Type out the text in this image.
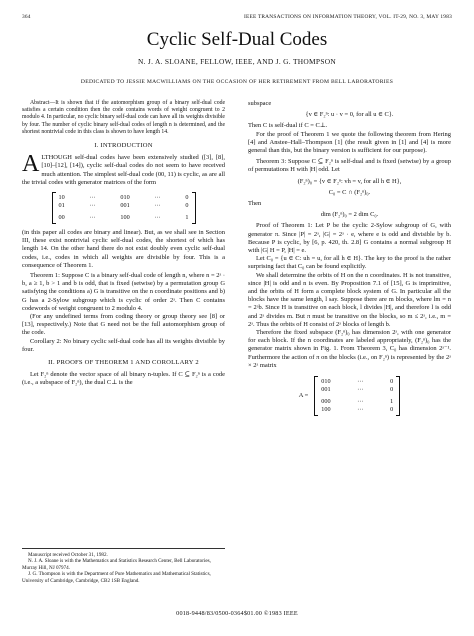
364	IEEE TRANSACTIONS ON INFORMATION THEORY, VOL. IT-29, NO. 3, MAY 1983
Cyclic Self-Dual Codes
N. J. A. SLOANE, FELLOW, IEEE, AND J. G. THOMPSON
DEDICATED TO JESSIE MACWILLIAMS ON THE OCCASION OF HER RETIREMENT FROM BELL LABORATORIES

Abstract—It is shown that if the automorphism group of a binary self-dual code satisfies a certain condition then the code contains words of weight congruent to 2 modulo 4. In particular, no cyclic binary self-dual code can have all its weights divisible by four. The number of cyclic binary self-dual codes of length n is determined, and the shortest nontrivial code in this class is shown to have length 14.

I. INTRODUCTION

ALTHOUGH self-dual codes have been extensively studied ([3], [8], [10]–[12], [14]), cyclic self-dual codes do not seem to have received much attention. The simplest self-dual code (00, 11) is cyclic, as are all the trivial codes with generator matrices of the form

10	···	010	···	0
01	···	001	···	0
00	···	100	···	1

(in this paper all codes are binary and linear). But, as we shall see in Section III, these exist nontrivial cyclic self-dual codes, the shortest of which has length 14. On the other hand there do not exist doubly even cyclic self-dual codes, i.e., codes in which all weights are divisible by four. This is a consequence of Theorem 1.

Theorem 1: Suppose C is a binary self-dual code of length n, where n = 2ᵃ · b, a ≥ 1, b > 1 and b is odd, that is fixed (setwise) by a permutation group G satisfying the conditions a) G is transitive on the n coordinate positions and b) G has a 2-Sylow subgroup which is cyclic of order 2ᵃ. Then C contains codewords of weight congruent to 2 modulo 4.

(For any undefined terms from coding theory or group theory see [8] or [13], respectively.) Note that G need not be the full automorphism group of the code.

Corollary 2: No binary cyclic self-dual code has all its weights divisible by four.

II. PROOFS OF THEOREM 1 AND COROLLARY 2

Let F₂ⁿ denote the vector space of all binary n-tuples. If C ⊆ F₂ⁿ is a code (i.e., a subspace of F₂ⁿ), the dual C⊥ is the

Manuscript received October 31, 1982.

N. J. A. Sloane is with the Mathematics and Statistics Research Center, Bell Laboratories, Murray Hill, NJ 07974.

J. G. Thompson is with the Department of Pure Mathematics and Mathematical Statistics, University of Cambridge, Cambridge, CB2 1SB England.

subspace

{v ∈ F₂ⁿ: u · v = 0, for all u ∈ C}.

Then C is self-dual if C = C⊥.

For the proof of Theorem 1 we quote the following theorem from Hering [4] and Anstee–Hall–Thompson [1] (the result given in [1] and [4] is more general than this, but the binary version is sufficient for our purpose).

Theorem 3: Suppose C ⊆ F₂ⁿ is self-dual and is fixed (setwise) by a group of permutations H with |H| odd. Let

(F₂ⁿ)₀ = {v ∈ F₂ⁿ: vh = v, for all h ∈ H},
C₀ = C ∩ (F₂ⁿ)₀.

Then

dim (F₂ⁿ)₀ = 2 dim C₀.

Proof of Theorem 1: Let P be the cyclic 2-Sylow subgroup of G, with generator π. Since |P| = 2ᵃ, |G| = 2ᵃ · e, where e is odd and divisible by b. Because P is cyclic, by [6, p. 420, th. 2.8] G contains a normal subgroup H with |G| H = P, |H| = e.

Let C₀ = {u ∈ C: uh = u, for all h ∈ H}. The key to the proof is the rather surprising fact that C₀ can be found explicitly.

We shall determine the orbits of H on the n coordinates. H is not transitive, since |H| is odd and n is even. By Proposition 7.1 of [15], G is imprimitive, and the orbits of H form a complete block system of G. In particular all the blocks have the same length, l say. Suppose there are m blocks, where lm = n = 2ᵃb. Since H is transitive on each block, l divides |H|, and therefore l is odd and 2ᵃ divides m. But π must be transitive on the blocks, so m ≤ 2ᵃ, i.e., m = 2ᵃ. Thus the orbits of H consist of 2ᵃ blocks of length b.

Therefore the fixed subspace (F₂ⁿ)₀ has dimension 2ᵃ, with one generator for each block. If the n coordinates are labeled appropriately, (F₂ⁿ)₀ has the generator matrix shown in Fig. 1. From Theorem 3, C₀ has dimension 2ᵃ⁻¹. Furthermore the action of π on the blocks (i.e., on F₂ⁿ) is represented by the 2ᵃ × 2ᵃ matrix

A =
010	···	0
001	···	0
000	···	1
100	···	0
0018-9448/83/0500-0364$01.00 ©1983 IEEE
